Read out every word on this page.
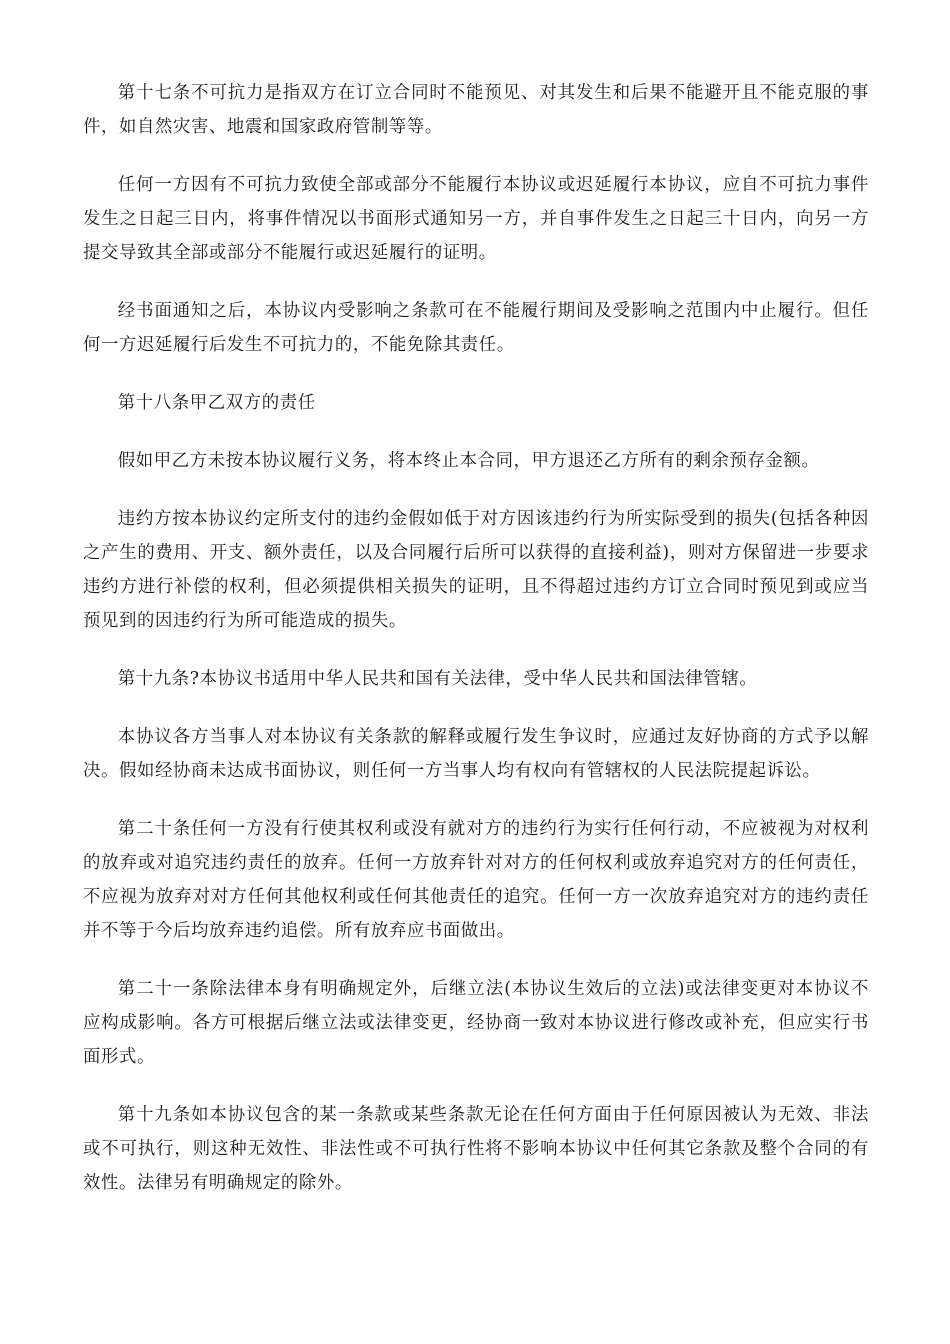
第十七条不可抗力是指双方在订立合同时不能预见、对其发生和后果不能避开且不能克服的事件，如自然灾害、地震和国家政府管制等等。

任何一方因有不可抗力致使全部或部分不能履行本协议或迟延履行本协议，应自不可抗力事件发生之日起三日内，将事件情况以书面形式通知另一方，并自事件发生之日起三十日内，向另一方提交导致其全部或部分不能履行或迟延履行的证明。

经书面通知之后，本协议内受影响之条款可在不能履行期间及受影响之范围内中止履行。但任何一方迟延履行后发生不可抗力的，不能免除其责任。

第十八条甲乙双方的责任

假如甲乙方未按本协议履行义务，将本终止本合同，甲方退还乙方所有的剩余预存金额。

违约方按本协议约定所支付的违约金假如低于对方因该违约行为所实际受到的损失(包括各种因之产生的费用、开支、额外责任，以及合同履行后所可以获得的直接利益)，则对方保留进一步要求违约方进行补偿的权利，但必须提供相关损失的证明，且不得超过违约方订立合同时预见到或应当预见到的因违约行为所可能造成的损失。

第十九条?本协议书适用中华人民共和国有关法律，受中华人民共和国法律管辖。

本协议各方当事人对本协议有关条款的解释或履行发生争议时，应通过友好协商的方式予以解决。假如经协商未达成书面协议，则任何一方当事人均有权向有管辖权的人民法院提起诉讼。

第二十条任何一方没有行使其权利或没有就对方的违约行为实行任何行动，不应被视为对权利的放弃或对追究违约责任的放弃。任何一方放弃针对对方的任何权利或放弃追究对方的任何责任，不应视为放弃对对方任何其他权利或任何其他责任的追究。任何一方一次放弃追究对方的违约责任并不等于今后均放弃违约追偿。所有放弃应书面做出。

第二十一条除法律本身有明确规定外，后继立法(本协议生效后的立法)或法律变更对本协议不应构成影响。各方可根据后继立法或法律变更，经协商一致对本协议进行修改或补充，但应实行书面形式。

第十九条如本协议包含的某一条款或某些条款无论在任何方面由于任何原因被认为无效、非法或不可执行，则这种无效性、非法性或不可执行性将不影响本协议中任何其它条款及整个合同的有效性。法律另有明确规定的除外。
